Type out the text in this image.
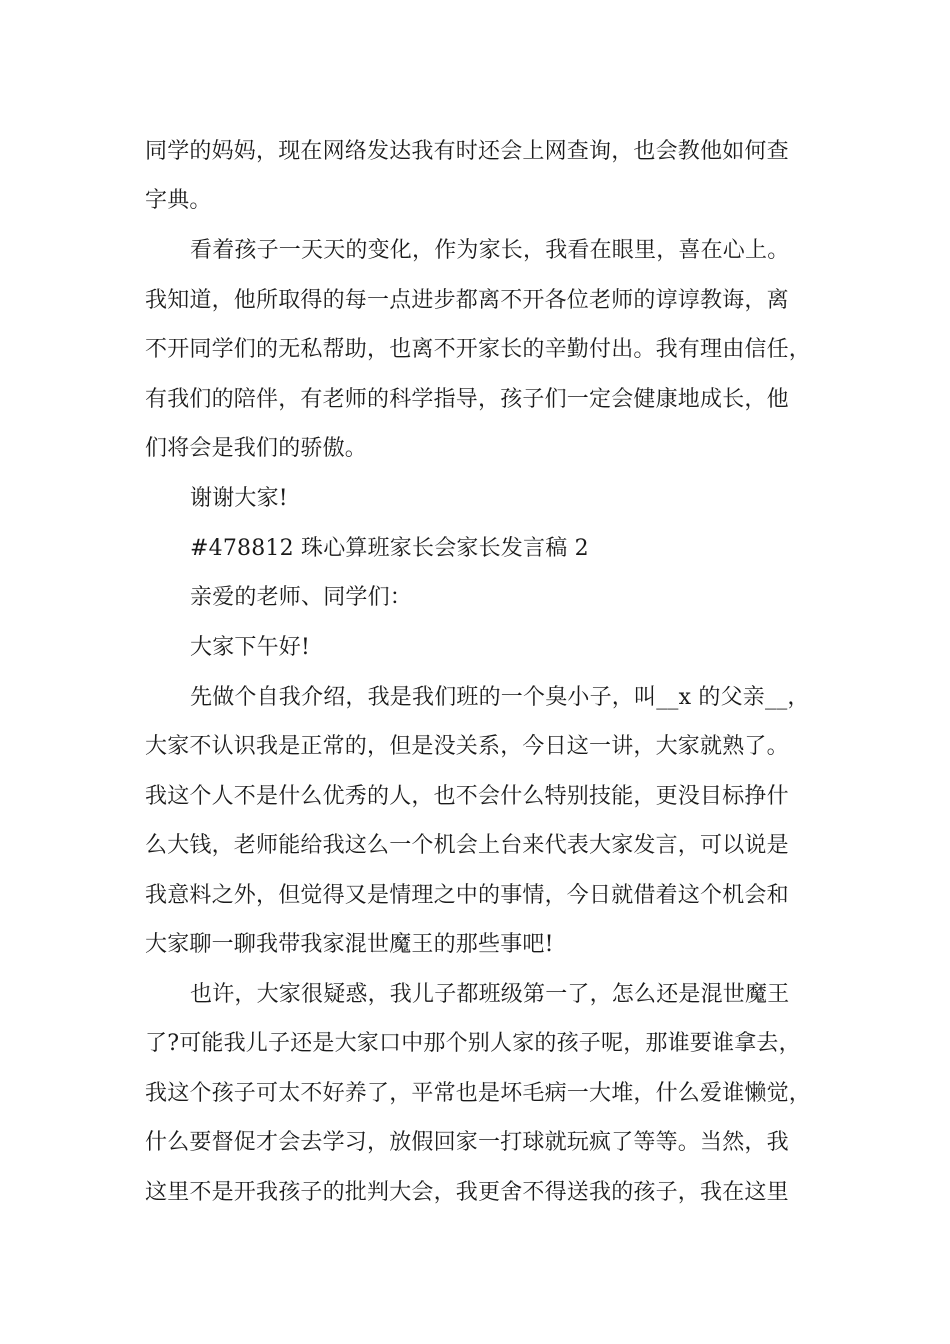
同学的妈妈，现在网络发达我有时还会上网查询，也会教他如何查
字典。
看着孩子一天天的变化，作为家长，我看在眼里，喜在心上。
我知道，他所取得的每一点进步都离不开各位老师的谆谆教诲，离
不开同学们的无私帮助，也离不开家长的辛勤付出。我有理由信任，
有我们的陪伴，有老师的科学指导，孩子们一定会健康地成长，他
们将会是我们的骄傲。
谢谢大家!
#478812 珠心算班家长会家长发言稿 2
亲爱的老师、同学们：
大家下午好!
先做个自我介绍，我是我们班的一个臭小子，叫__x 的父亲__，
大家不认识我是正常的，但是没关系，今日这一讲，大家就熟了。
我这个人不是什么优秀的人，也不会什么特别技能，更没目标挣什
么大钱，老师能给我这么一个机会上台来代表大家发言，可以说是
我意料之外，但觉得又是情理之中的事情，今日就借着这个机会和
大家聊一聊我带我家混世魔王的那些事吧!
也许，大家很疑惑，我儿子都班级第一了，怎么还是混世魔王
了?可能我儿子还是大家口中那个别人家的孩子呢，那谁要谁拿去，
我这个孩子可太不好养了，平常也是坏毛病一大堆，什么爱谁懒觉，
什么要督促才会去学习，放假回家一打球就玩疯了等等。当然，我
这里不是开我孩子的批判大会，我更舍不得送我的孩子，我在这里
